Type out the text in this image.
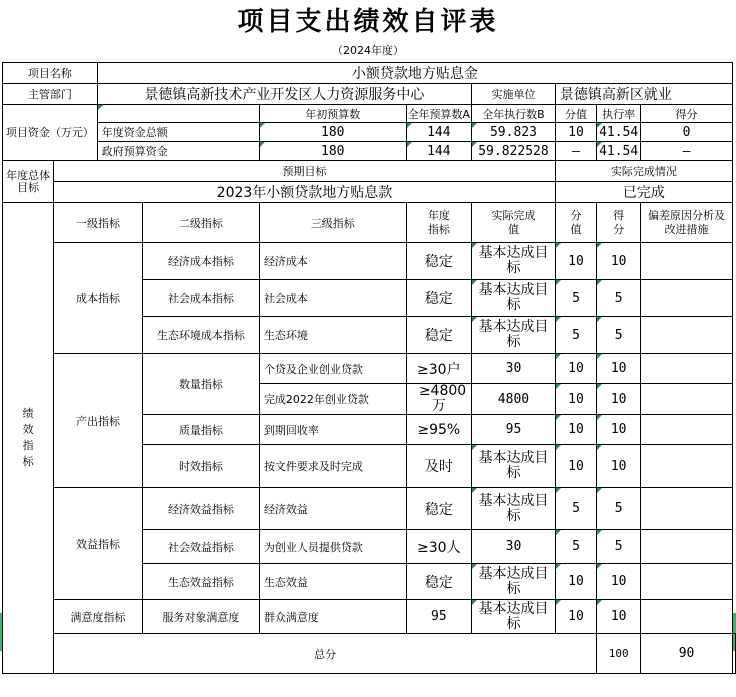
项目支出绩效自评表
（2024年度）
项目名称		小额贷款地方贴息金								
主管部门		景德镇高新技术产业开发区人力资源服务中心				实施单位	景德镇高新区就业			
项目资金（万元）				年初预算数	全年预算数A	全年执行数B	分值	执行率	得分	
		年度资金总额		180	144	59.823	10	41.54	0	
		政府预算资金		180	144	59.822528	—	41.54	—	
年度总体目标	预期目标						实际完成情况			
	2023年小额贷款地方贴息款						已完成			
绩效指标	一级指标		二级指标	三级指标	年度指标	实际完成值	分值	得分	偏差原因分析及改进措施	
	成本指标		经济成本指标	经济成本	稳定	基本达成目标	10	10		
			社会成本指标	社会成本	稳定	基本达成目标	5	5		
			生态环境成本指标	生态环境	稳定	基本达成目标	5	5		
	产出指标		数量指标	个贷及企业创业贷款	≥30户	30	10	10		
				完成2022年创业贷款	≥4800万	4800	10	10		
			质量指标	到期回收率	≥95%	95	10	10		
			时效指标	按文件要求及时完成	及时	基本达成目标	10	10		
	效益指标		经济效益指标	经济效益	稳定	基本达成目标	5	5		
			社会效益指标	为创业人员提供贷款	≥30人	30	5	5		
			生态效益指标	生态效益	稳定	基本达成目标	10	10		
	满意度指标		服务对象满意度	群众满意度	95	基本达成目标	10	10		
	总分							100	90	
